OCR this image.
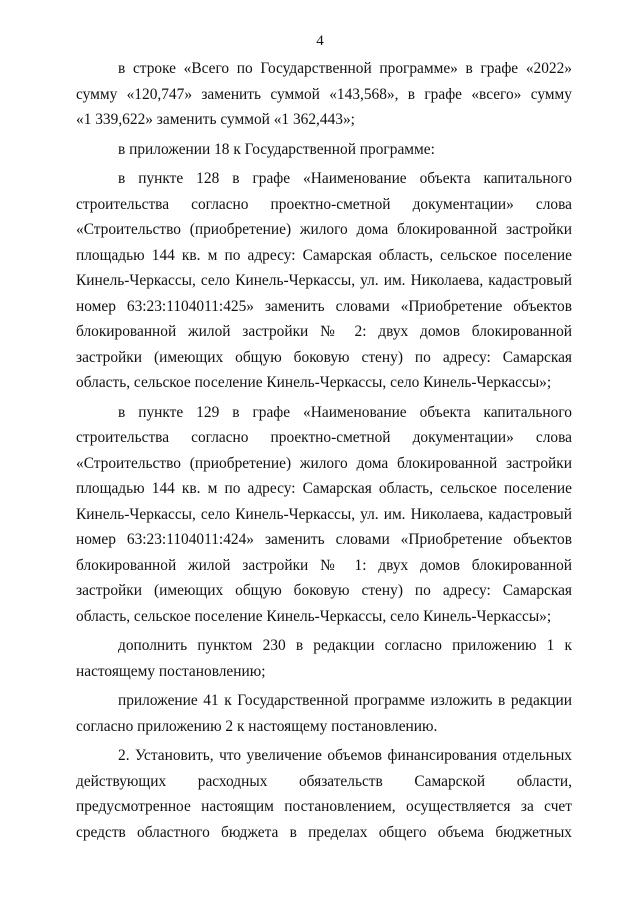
4
в строке «Всего по Государственной программе» в графе «2022»
сумму «120,747» заменить суммой «143,568», в графе «всего» сумму
«1 339,622» заменить суммой «1 362,443»;
в приложении 18 к Государственной программе:
в пункте 128 в графе «Наименование объекта капитального
строительства согласно проектно-сметной документации» слова
«Строительство (приобретение) жилого дома блокированной застройки
площадью 144 кв. м по адресу: Самарская область, сельское поселение
Кинель-Черкассы, село Кинель-Черкассы, ул. им. Николаева, кадастровый
номер 63:23:1104011:425» заменить словами «Приобретение объектов
блокированной жилой застройки № 2: двух домов блокированной
застройки (имеющих общую боковую стену) по адресу: Самарская
область, сельское поселение Кинель-Черкассы, село Кинель-Черкассы»;
в пункте 129 в графе «Наименование объекта капитального
строительства согласно проектно-сметной документации» слова
«Строительство (приобретение) жилого дома блокированной застройки
площадью 144 кв. м по адресу: Самарская область, сельское поселение
Кинель-Черкассы, село Кинель-Черкассы, ул. им. Николаева, кадастровый
номер 63:23:1104011:424» заменить словами «Приобретение объектов
блокированной жилой застройки № 1: двух домов блокированной
застройки (имеющих общую боковую стену) по адресу: Самарская
область, сельское поселение Кинель-Черкассы, село Кинель-Черкассы»;
дополнить пунктом 230 в редакции согласно приложению 1 к
настоящему постановлению;
приложение 41 к Государственной программе изложить в редакции
согласно приложению 2 к настоящему постановлению.
2. Установить, что увеличение объемов финансирования отдельных
действующих расходных обязательств Самарской области,
предусмотренное настоящим постановлением, осуществляется за счет
средств областного бюджета в пределах общего объема бюджетных
